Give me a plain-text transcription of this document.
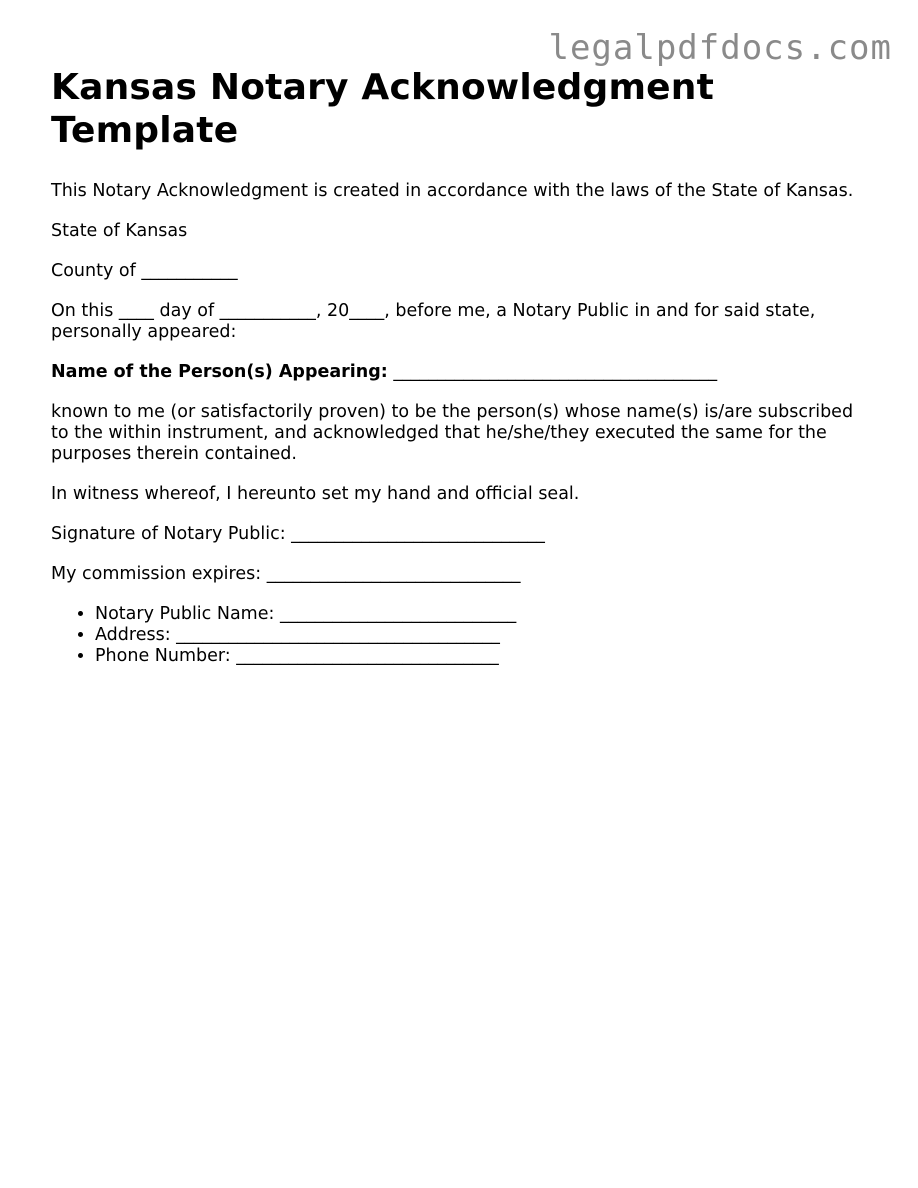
legalpdfdocs.com
Kansas Notary Acknowledgment Template

This Notary Acknowledgment is created in accordance with the laws of the State of Kansas.

State of Kansas

County of ___________

On this ____ day of ___________, 20____, before me, a Notary Public in and for said state, personally appeared:

Name of the Person(s) Appearing: _____________________________________

known to me (or satisfactorily proven) to be the person(s) whose name(s) is/are subscribed to the within instrument, and acknowledged that he/she/they executed the same for the purposes therein contained.

In witness whereof, I hereunto set my hand and official seal.

Signature of Notary Public: _____________________________

My commission expires: _____________________________

• Notary Public Name: ___________________________
• Address: _____________________________________
• Phone Number: ______________________________
